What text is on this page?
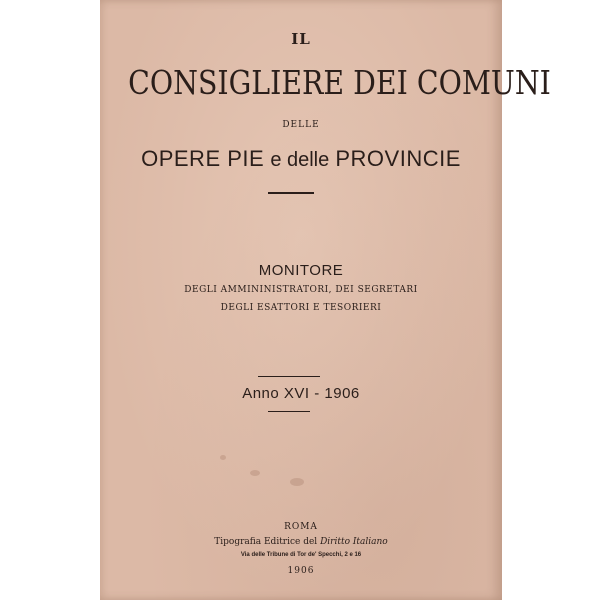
IL
CONSIGLIERE DEI COMUNI
DELLE
OPERE PIE e delle PROVINCIE
MONITORE
DEGLI AMMININISTRATORI, DEI SEGRETARI
DEGLI ESATTORI E TESORIERI
Anno XVI - 1906
ROMA
Tipografia Editrice del Diritto Italiano
Via delle Tribune di Tor de' Specchi, 2 e 16
1906
